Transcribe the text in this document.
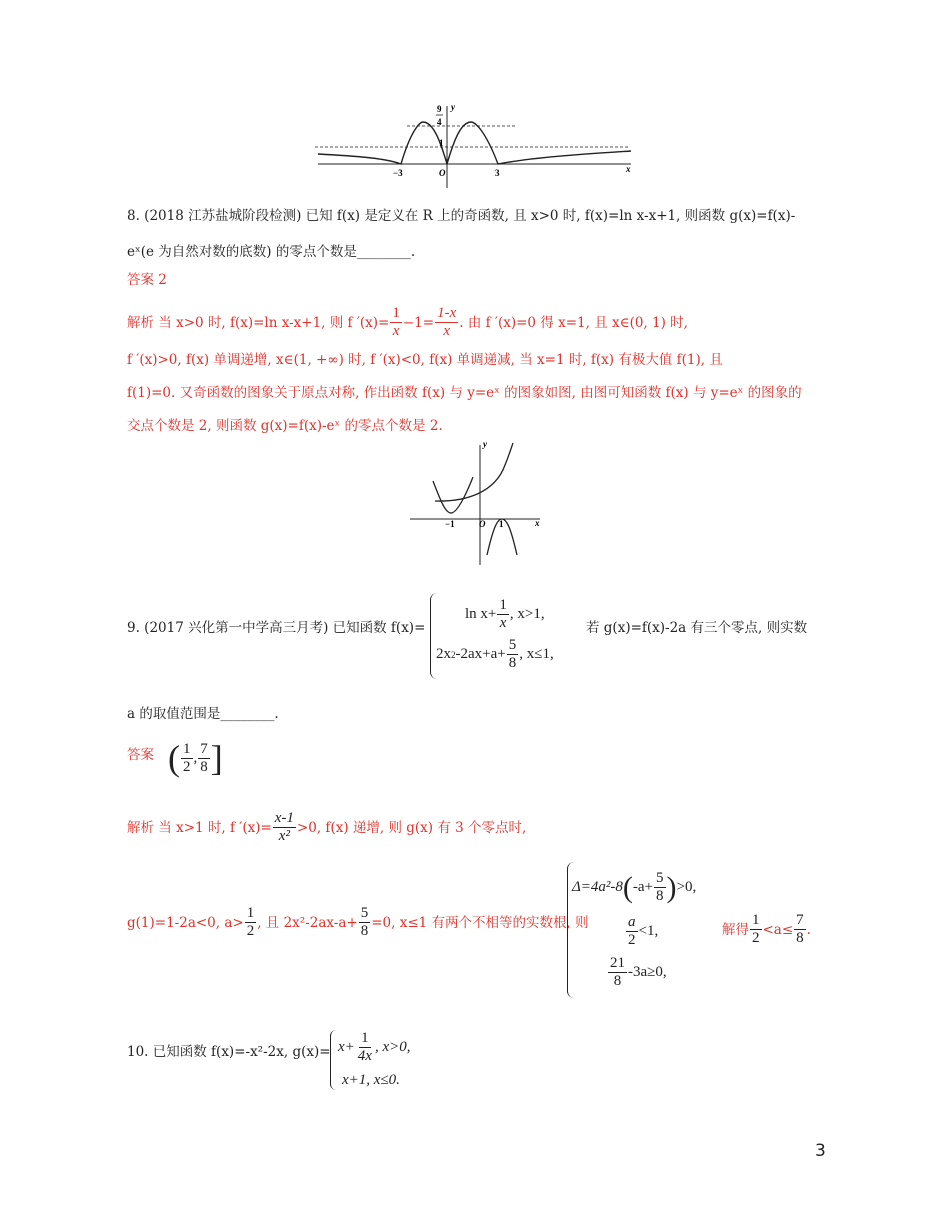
9
4
y
1
−3	O	3	x
8. (2018 江苏盐城阶段检测) 已知 f(x) 是定义在 R 上的奇函数, 且 x>0 时, f(x)=ln x-x+1, 则函数 g(x)=f(x)-
eˣ(e 为自然对数的底数) 的零点个数是________.
答案 2
解析 当 x>0 时, f(x)=ln x-x+1, 则 f $'(x)= \frac{1}{x} -1= \frac{1-x}{x}$ . 由 f ′(x)=0 得 x=1, 且 x∈(0, 1) 时,
f ′(x)>0, f(x) 单调递增, x∈(1, +∞) 时, f ′(x)<0, f(x) 单调递减, 当 x=1 时, f(x) 有极大值 f(1), 且
f(1)=0. 又奇函数的图象关于原点对称, 作出函数 f(x) 与 y=eˣ 的图象如图, 由图可知函数 f(x) 与 y=eˣ 的图象的
交点个数是 2, 则函数 g(x)=f(x)-eˣ 的零点个数是 2.
y
x
−1	O 1
9. (2017 兴化第一中学高三月考) 已知函数 f(x)=
$\ln x+ \frac{1}{x}$ , x>1,
2x 2 $-2ax+a+ \frac{5}{8}$ , x≤1,
若 g(x)=f(x)-2a 有三个零点, 则实数
a 的取值范围是________.
答案 ( $\frac{1}{2}$ , $\frac{7}{8}$ ]
解析 当 x>1 时, f $'(x)= \frac{x-1}{\text{x²}} >0$, f(x) 递增, 则 g(x) 有 3 个零点时,
g(1)=1-2a<0, $a> \frac{1}{2}$ , 且 $2x^2-2ax-a+ \frac{5}{8} =0$, x≤1 有两个不相等的实数根, 则
Δ=4a²-8 ( $-a+ \frac{5}{8}$ ) >0,
$\frac{a}{2} <1$,
$\frac{21}{8} -3a\ge 0$,
解得 $\frac{1}{2} <a\le \frac{7}{8}$ .
10. 已知函数 f(x)=-x²-2x, $g(x)= x+ \frac{1}{4x}$ , x>0,
x+1, x≤0.
3
